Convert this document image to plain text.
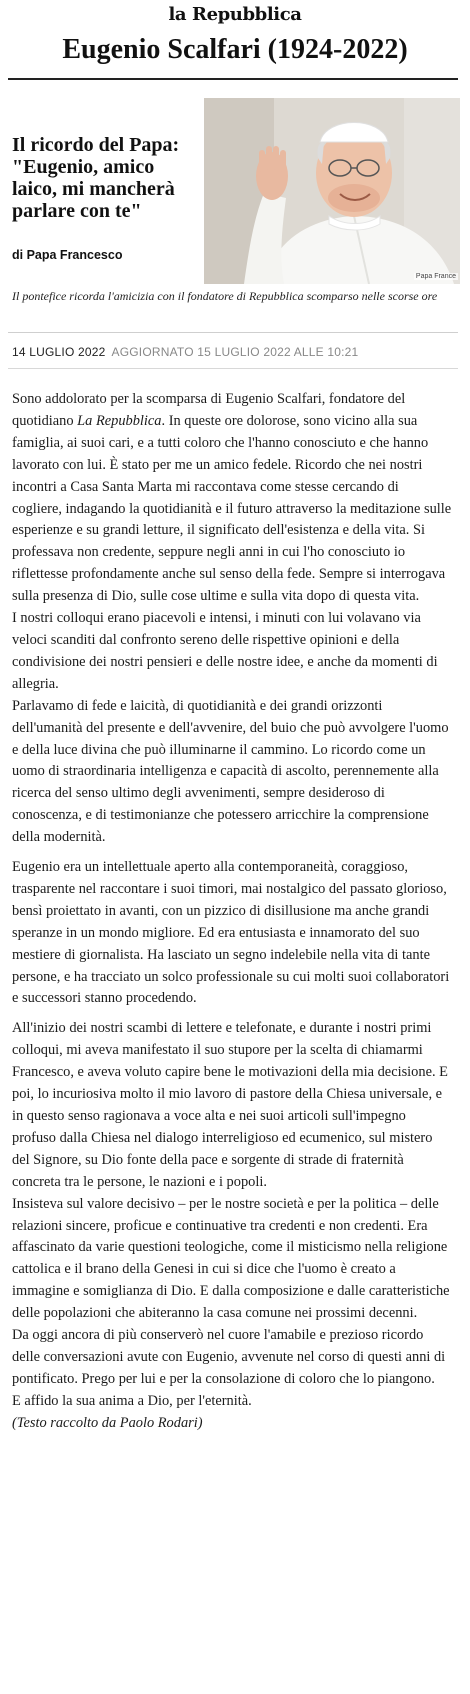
la Repubblica
Eugenio Scalfari (1924-2022)
Il ricordo del Papa:
"Eugenio, amico laico, mi mancherà parlare con te"
di Papa Francesco
Papa France
Il pontefice ricorda l'amicizia con il fondatore di Repubblica scomparso nelle scorse ore
14 LUGLIO 2022 AGGIORNATO 15 LUGLIO 2022 ALLE 10:21

Sono addolorato per la scomparsa di Eugenio Scalfari, fondatore del quotidiano La Repubblica. In queste ore dolorose, sono vicino alla sua famiglia, ai suoi cari, e a tutti coloro che l'hanno conosciuto e che hanno lavorato con lui. È stato per me un amico fedele. Ricordo che nei nostri incontri a Casa Santa Marta mi raccontava come stesse cercando di cogliere, indagando la quotidianità e il futuro attraverso la meditazione sulle esperienze e su grandi letture, il significato dell'esistenza e della vita. Si professava non credente, seppure negli anni in cui l'ho conosciuto io riflettesse profondamente anche sul senso della fede. Sempre si interrogava sulla presenza di Dio, sulle cose ultime e sulla vita dopo di questa vita.

I nostri colloqui erano piacevoli e intensi, i minuti con lui volavano via veloci scanditi dal confronto sereno delle rispettive opinioni e della condivisione dei nostri pensieri e delle nostre idee, e anche da momenti di allegria.

Parlavamo di fede e laicità, di quotidianità e dei grandi orizzonti dell'umanità del presente e dell'avvenire, del buio che può avvolgere l'uomo e della luce divina che può illuminarne il cammino. Lo ricordo come un uomo di straordinaria intelligenza e capacità di ascolto, perennemente alla ricerca del senso ultimo degli avvenimenti, sempre desideroso di conoscenza, e di testimonianze che potessero arricchire la comprensione della modernità.

Eugenio era un intellettuale aperto alla contemporaneità, coraggioso, trasparente nel raccontare i suoi timori, mai nostalgico del passato glorioso, bensì proiettato in avanti, con un pizzico di disillusione ma anche grandi speranze in un mondo migliore. Ed era entusiasta e innamorato del suo mestiere di giornalista. Ha lasciato un segno indelebile nella vita di tante persone, e ha tracciato un solco professionale su cui molti suoi collaboratori e successori stanno procedendo.

All'inizio dei nostri scambi di lettere e telefonate, e durante i nostri primi colloqui, mi aveva manifestato il suo stupore per la scelta di chiamarmi Francesco, e aveva voluto capire bene le motivazioni della mia decisione. E poi, lo incuriosiva molto il mio lavoro di pastore della Chiesa universale, e in questo senso ragionava a voce alta e nei suoi articoli sull'impegno profuso dalla Chiesa nel dialogo interreligioso ed ecumenico, sul mistero del Signore, su Dio fonte della pace e sorgente di strade di fraternità concreta tra le persone, le nazioni e i popoli.

Insisteva sul valore decisivo – per le nostre società e per la politica – delle relazioni sincere, proficue e continuative tra credenti e non credenti. Era affascinato da varie questioni teologiche, come il misticismo nella religione cattolica e il brano della Genesi in cui si dice che l'uomo è creato a immagine e somiglianza di Dio. E dalla composizione e dalle caratteristiche delle popolazioni che abiteranno la casa comune nei prossimi decenni.

Da oggi ancora di più conserverò nel cuore l'amabile e prezioso ricordo delle conversazioni avute con Eugenio, avvenute nel corso di questi anni di pontificato. Prego per lui e per la consolazione di coloro che lo piangono.

E affido la sua anima a Dio, per l'eternità.

(Testo raccolto da Paolo Rodari)
